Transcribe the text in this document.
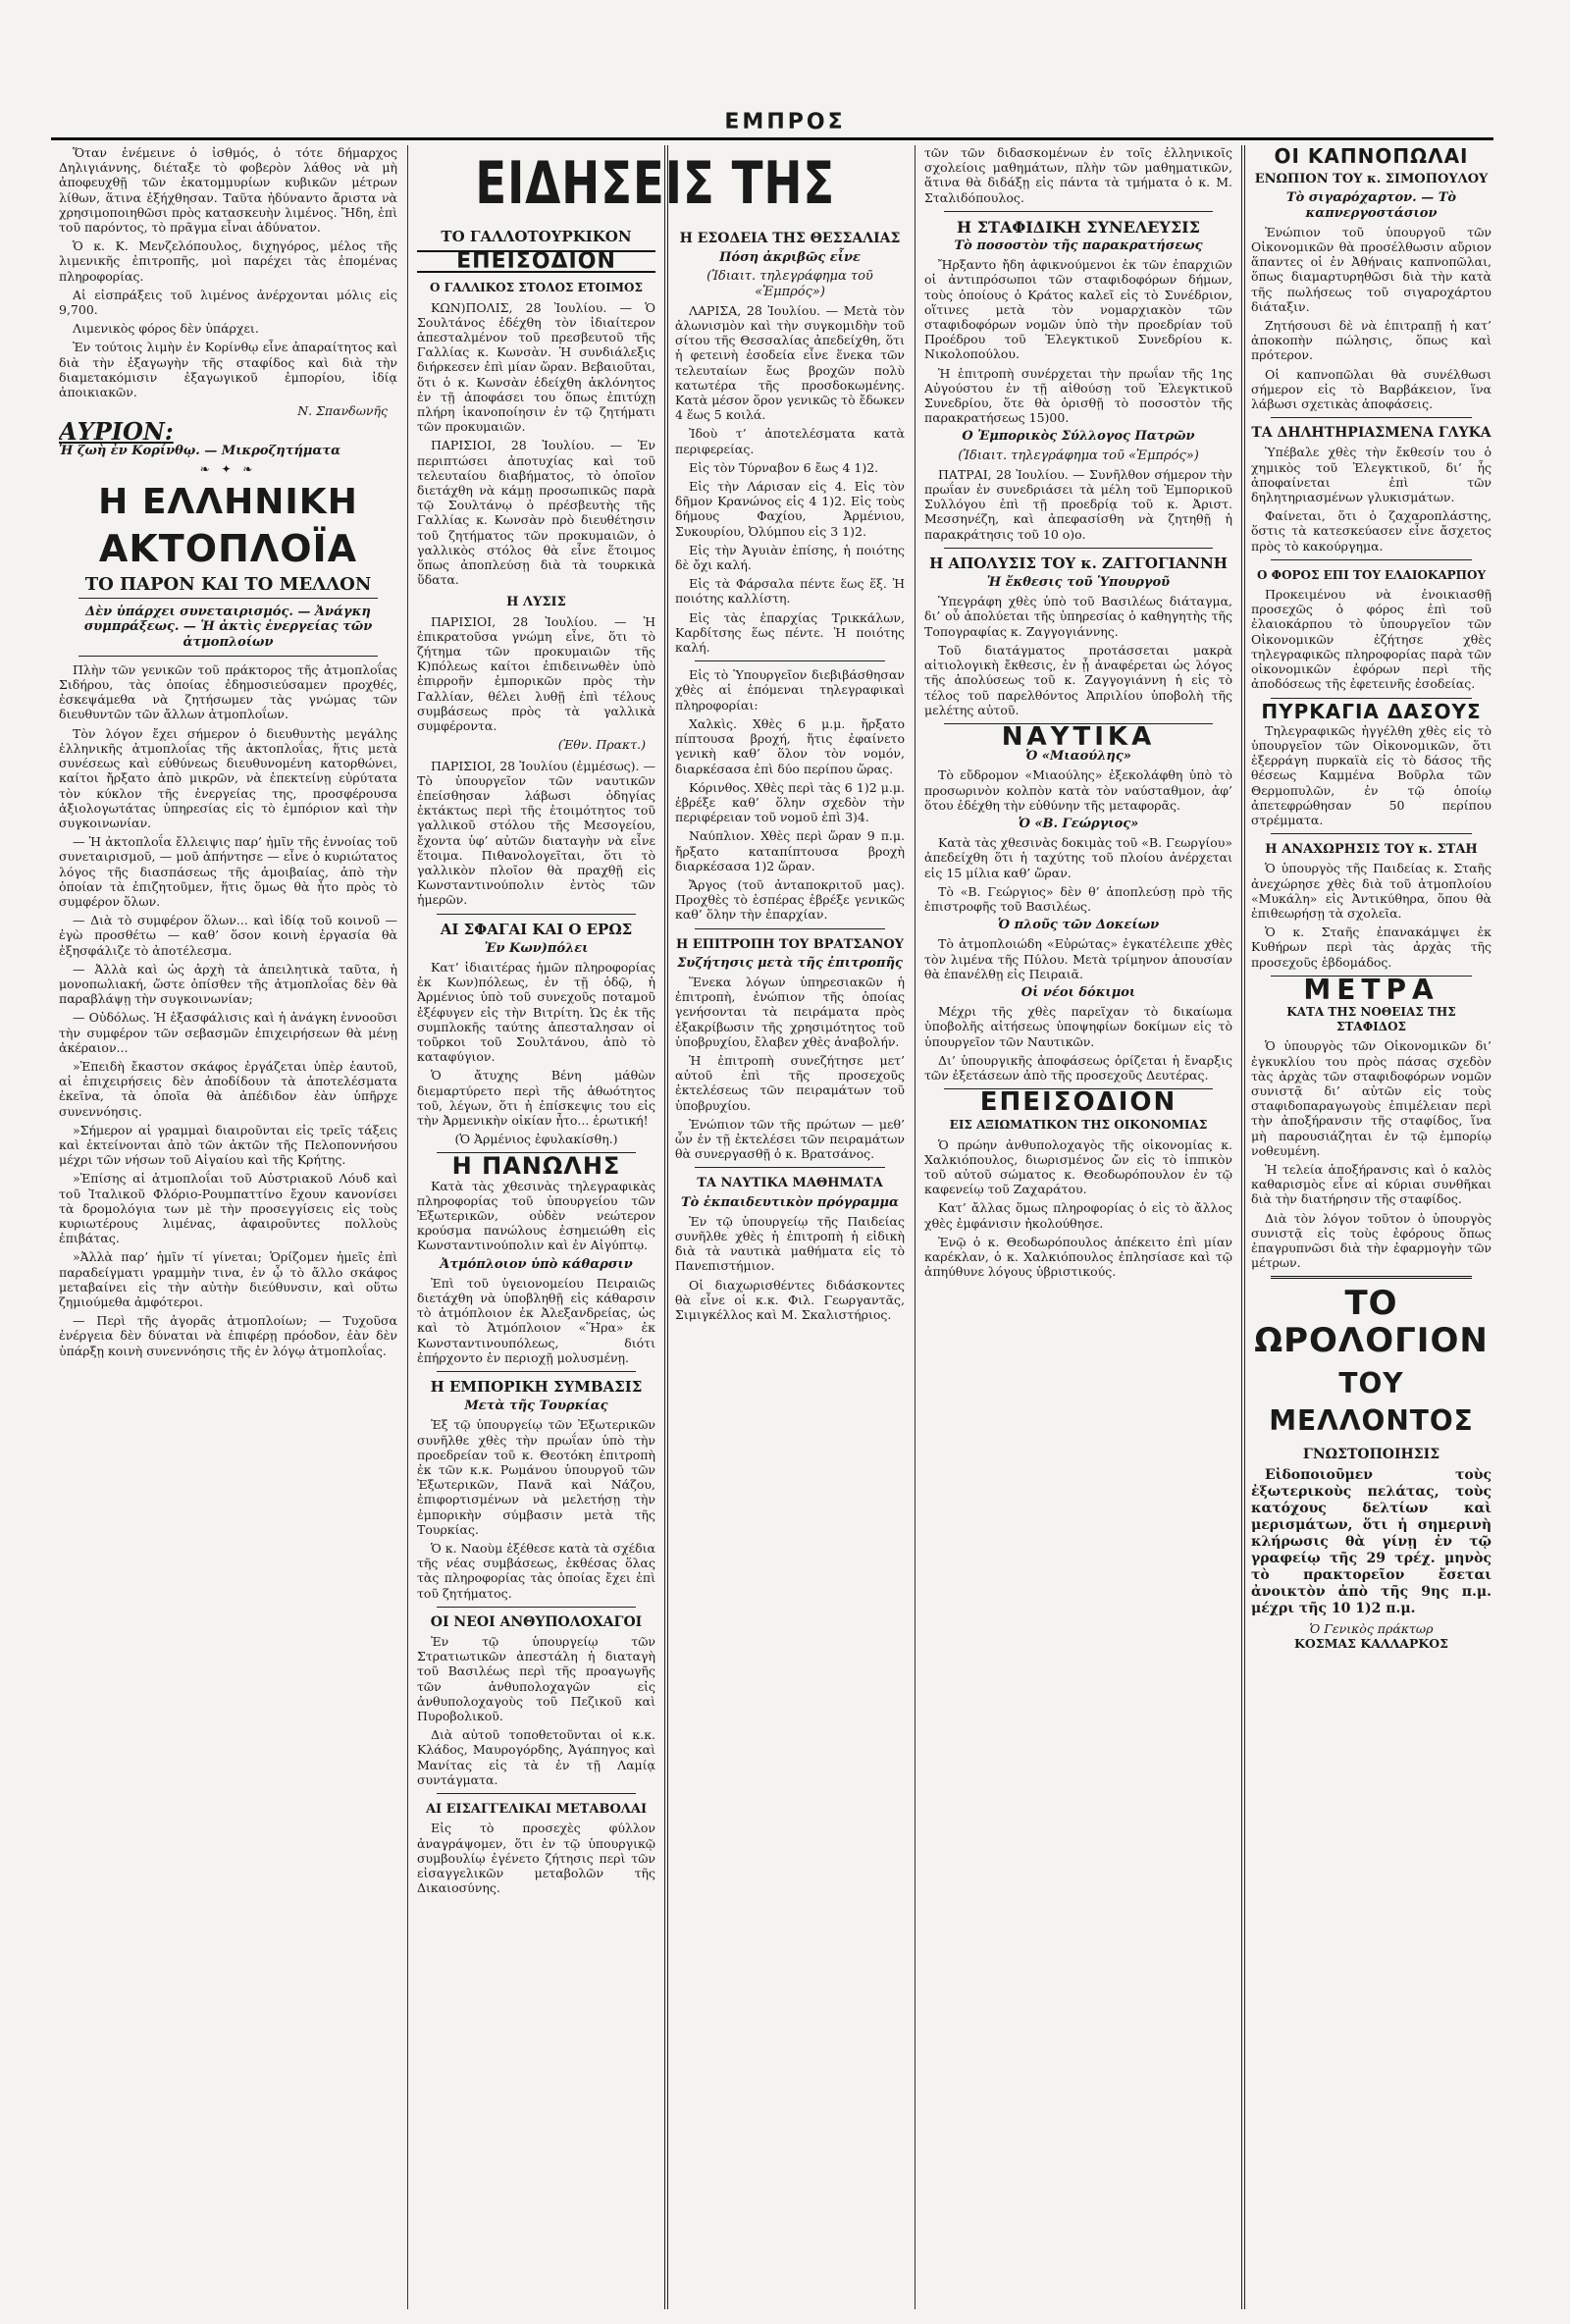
ΕΜΠΡΟΣ

Ὅταν ἐνέμεινε ὁ ἰσθμός, ὁ τότε δήμαρχος Δηλιγιάννης, διέταξε τὸ φοβερὸν λάθος νὰ μὴ ἀποφευχθῇ τῶν ἑκατομμυρίων κυβικῶν μέτρων λίθων, ἅτινα ἐξήχθησαν. Ταῦτα ἠδύναντο ἄριστα νὰ χρησιμοποιηθῶσι πρὸς κατασκευὴν λιμένος. Ἤδη, ἐπὶ τοῦ παρόντος, τὸ πρᾶγμα εἶναι ἀδύνατον.

Ὁ κ. Κ. Μενζελόπουλος, διχηγόρος, μέλος τῆς λιμενικῆς ἐπιτροπῆς, μοὶ παρέχει τὰς ἑπομένας πληροφορίας.

Αἱ εἰσπράξεις τοῦ λιμένος ἀνέρχονται μόλις εἰς 9,700.

Λιμενικὸς φόρος δὲν ὑπάρχει.

Ἐν τούτοις λιμὴν ἐν Κορίνθῳ εἶνε ἀπαραίτητος καὶ διὰ τὴν ἐξαγωγὴν τῆς σταφίδος καὶ διὰ τὴν διαμετακόμισιν ἐξαγωγικοῦ ἐμπορίου, ἰδίᾳ ἀποικιακῶν.

Ν. Σπανδωνῆς
ΑΥΡΙΟΝ:
Ἡ ζωὴ ἐν Κορίνθῳ. — Μικροζητήματα
❧ ✦ ❧
Η ΕΛΛΗΝΙΚΗ
ΑΚΤΟΠΛΟΪΑ
ΤΟ ΠΑΡΟΝ ΚΑΙ ΤΟ ΜΕΛΛΟΝ
Δὲν ὑπάρχει συνεταιρισμός. — Ἀνάγκη συμπράξεως. — Ἡ ἀκτὶς ἐνεργείας τῶν ἀτμοπλοίων

Πλὴν τῶν γενικῶν τοῦ πράκτορος τῆς ἀτμοπλοΐας Σιδήρου, τὰς ὁποίας ἐδημοσιεύσαμεν προχθές, ἐσκεψάμεθα νὰ ζητήσωμεν τὰς γνώμας τῶν διευθυντῶν τῶν ἄλλων ἀτμοπλοΐων.

Τὸν λόγον ἔχει σήμερον ὁ διευθυντὴς μεγάλης ἑλληνικῆς ἀτμοπλοΐας τῆς ἀκτοπλοΐας, ἥτις μετὰ συνέσεως καὶ εὐθύνεως διευθυνομένη κατορθώνει, καίτοι ἤρξατο ἀπὸ μικρῶν, νὰ ἐπεκτείνῃ εὐρύτατα τὸν κύκλον τῆς ἐνεργείας της, προσφέρουσα ἀξιολογωτάτας ὑπηρεσίας εἰς τὸ ἐμπόριον καὶ τὴν συγκοινωνίαν.

— Ἡ ἀκτοπλοΐα ἔλλειψις παρ’ ἡμῖν τῆς ἐννοίας τοῦ συνεταιρισμοῦ, — μοῦ ἀπήντησε — εἶνε ὁ κυριώτατος λόγος τῆς διασπάσεως τῆς ἀμοιβαίας, ἀπὸ τὴν ὁποίαν τὰ ἐπιζητοῦμεν, ἥτις ὅμως θὰ ἦτο πρὸς τὸ συμφέρον ὅλων.

— Διὰ τὸ συμφέρον ὅλων... καὶ ἰδίᾳ τοῦ κοινοῦ — ἐγὼ προσθέτω — καθ’ ὅσον κοινὴ ἐργασία θὰ ἐξησφάλιζε τὸ ἀποτέλεσμα.

— Ἀλλὰ καὶ ὡς ἀρχὴ τὰ ἀπειλητικὰ ταῦτα, ἡ μονοπωλιακή, ὥστε ὀπίσθεν τῆς ἀτμοπλοΐας δὲν θὰ παραβλάψῃ τὴν συγκοινωνίαν;

— Οὐδόλως. Ἡ ἐξασφάλισις καὶ ἡ ἀνάγκη ἐννοοῦσι τὴν συμφέρον τῶν σεβασμῶν ἐπιχειρήσεων θὰ μένῃ ἀκέραιον...

»Ἐπειδὴ ἔκαστον σκάφος ἐργάζεται ὑπὲρ ἑαυτοῦ, αἱ ἐπιχειρήσεις δὲν ἀποδίδουν τὰ ἀποτελέσματα ἐκεῖνα, τὰ ὁποῖα θὰ ἀπέδιδον ἐὰν ὑπῆρχε συνεννόησις.

»Σήμερον αἱ γραμμαὶ διαιροῦνται εἰς τρεῖς τάξεις καὶ ἐκτείνονται ἀπὸ τῶν ἀκτῶν τῆς Πελοποννήσου μέχρι τῶν νήσων τοῦ Αἰγαίου καὶ τῆς Κρήτης.

»Ἐπίσης αἱ ἀτμοπλοΐαι τοῦ Αὐστριακοῦ Λόυδ καὶ τοῦ Ἰταλικοῦ Φλόριο-Ρουμπαττίνο ἔχουν κανονίσει τὰ δρομολόγια των μὲ τὴν προσεγγίσεις εἰς τοὺς κυριωτέρους λιμένας, ἀφαιροῦντες πολλοὺς ἐπιβάτας.

»Ἀλλὰ παρ’ ἡμῖν τί γίνεται; Ὁρίζομεν ἡμεῖς ἐπὶ παραδείγματι γραμμὴν τινα, ἐν ᾧ τὸ ἄλλο σκάφος μεταβαίνει εἰς τὴν αὐτὴν διεύθυνσιν, καὶ οὕτω ζημιούμεθα ἀμφότεροι.

— Περὶ τῆς ἀγορᾶς ἀτμοπλοίων; — Τυχοῦσα ἐνέργεια δὲν δύναται νὰ ἐπιφέρῃ πρόοδον, ἐὰν δὲν ὑπάρξῃ κοινὴ συνεννόησις τῆς ἐν λόγῳ ἀτμοπλοΐας.

ΕΙΔΗΣΕΙΣ ΤΗΣ
ΤΟ ΓΑΛΛΟΤΟΥΡΚΙΚΟΝ
ΕΠΕΙΣΟΔΙΟΝ
Ο ΓΑΛΛΙΚΟΣ ΣΤΟΛΟΣ ΕΤΟΙΜΟΣ

ΚΩΝ)ΠΟΛΙΣ, 28 Ἰουλίου. — Ὁ Σουλτάνος ἐδέχθη τὸν ἰδιαίτερον ἀπεσταλμένον τοῦ πρεσβευτοῦ τῆς Γαλλίας κ. Κωνσὰν. Ἡ συνδιάλεξις διήρκεσεν ἐπὶ μίαν ὥραν. Βεβαιοῦται, ὅτι ὁ κ. Κωνσὰν ἐδείχθη ἀκλόνητος ἐν τῇ ἀποφάσει του ὅπως ἐπιτύχῃ πλήρη ἱκανοποίησιν ἐν τῷ ζητήματι τῶν προκυμαιῶν.

ΠΑΡΙΣΙΟΙ, 28 Ἰουλίου. — Ἐν περιπτώσει ἀποτυχίας καὶ τοῦ τελευταίου διαβήματος, τὸ ὁποῖον διετάχθη νὰ κάμῃ προσωπικῶς παρὰ τῷ Σουλτάνῳ ὁ πρέσβευτὴς τῆς Γαλλίας κ. Κωνσὰν πρὸ διευθέτησιν τοῦ ζητήματος τῶν προκυμαιῶν, ὁ γαλλικὸς στόλος θὰ εἶνε ἕτοιμος ὅπως ἀποπλεύσῃ διὰ τὰ τουρκικὰ ὕδατα.

Η ΛΥΣΙΣ

ΠΑΡΙΣΙΟΙ, 28 Ἰουλίου. — Ἡ ἐπικρατοῦσα γνώμη εἶνε, ὅτι τὸ ζήτημα τῶν προκυμαιῶν τῆς Κ)πόλεως καίτοι ἐπιδεινωθὲν ὑπὸ ἐπιρροῆν ἐμπορικῶν πρὸς τὴν Γαλλίαν, θέλει λυθῇ ἐπὶ τέλους συμβάσεως πρὸς τὰ γαλλικὰ συμφέροντα.

(Ἐθν. Πρακτ.)

ΠΑΡΙΣΙΟΙ, 28 Ἰουλίου (ἐμμέσως). — Τὸ ὑπουργεῖον τῶν ναυτικῶν ἐπείσθησαν λάβωσι ὁδηγίας ἐκτάκτως περὶ τῆς ἑτοιμότητος τοῦ γαλλικοῦ στόλου τῆς Μεσογείου, ἔχοντα ὑφ’ αὐτῶν διαταγὴν νὰ εἶνε ἕτοιμα. Πιθανολογεῖται, ὅτι τὸ γαλλικὸν πλοῖον θὰ πραχθῇ εἰς Κωνσταντινούπολιν ἐντὸς τῶν ἡμερῶν.

ΑΙ ΣΦΑΓΑΙ ΚΑΙ Ο ΕΡΩΣ
Ἐν Κων)πόλει

Κατ’ ἰδιαιτέρας ἡμῶν πληροφορίας ἐκ Κων)πόλεως, ἐν τῇ ὁδῷ, ἡ Ἀρμένιος ὑπὸ τοῦ συνεχοῦς ποταμοῦ ἐξέφυγεν εἰς τὴν Βιτρίτη. Ὡς ἐκ τῆς συμπλοκῆς ταύτης ἀπεσταλησαν οἱ τοῦρκοι τοῦ Σουλτάνου, ἀπὸ τὸ καταφύγιον.

Ὁ ἄτυχης Βένη μάθὼν διεμαρτύρετο περὶ τῆς ἀθωότητος τοῦ, λέγων, ὅτι ἡ ἐπίσκεψις του εἰς τὴν Ἀρμενικὴν οἰκίαν ἦτο... ἐρωτική!

(Ὁ Ἀρμένιος ἐφυλακίσθη.)
Η ΠΑΝΩΛΗΣ

Κατὰ τὰς χθεσινὰς τηλεγραφικὰς πληροφορίας τοῦ ὑπουργείου τῶν Ἐξωτερικῶν, οὐδὲν νεώτερον κρούσμα πανώλους ἐσημειώθη εἰς Κωνσταντινούπολιν καὶ ἐν Αἰγύπτῳ.

Ἀτμόπλοιον ὑπὸ κάθαρσιν

Ἐπὶ τοῦ ὑγειονομείου Πειραιῶς διετάχθη νὰ ὑποβληθῇ εἰς κάθαρσιν τὸ ἀτμόπλοιον ἐκ Ἀλεξανδρείας, ὡς καὶ τὸ Ἀτμόπλοιον «Ἥρα» ἐκ Κωνσταντινουπόλεως, διότι ἐπήρχοντο ἐν περιοχῇ μολυσμένῃ.

Η ΕΜΠΟΡΙΚΗ ΣΥΜΒΑΣΙΣ
Μετὰ τῆς Τουρκίας

Ἐξ τῷ ὑπουργείῳ τῶν Ἐξωτερικῶν συνῆλθε χθὲς τὴν πρωΐαν ὑπὸ τὴν προεδρείαν τοῦ κ. Θεοτόκη ἐπιτροπὴ ἐκ τῶν κ.κ. Ρωμάνου ὑπουργοῦ τῶν Ἐξωτερικῶν, Πανᾶ καὶ Νάζου, ἐπιφορτισμένων νὰ μελετήσῃ τὴν ἐμπορικὴν σύμβασιν μετὰ τῆς Τουρκίας.

Ὁ κ. Ναοὺμ ἐξέθεσε κατὰ τὰ σχέδια τῆς νέας συμβάσεως, ἐκθέσας ὅλας τὰς πληροφορίας τὰς ὁποίας ἔχει ἐπὶ τοῦ ζητήματος.

ΟΙ ΝΕΟΙ ΑΝΘΥΠΟΛΟΧΑΓΟΙ

Ἐν τῷ ὑπουργείῳ τῶν Στρατιωτικῶν ἀπεστάλη ἡ διαταγὴ τοῦ Βασιλέως περὶ τῆς προαγωγῆς τῶν ἀνθυπολοχαγῶν εἰς ἀνθυπολοχαγοὺς τοῦ Πεζικοῦ καὶ Πυροβολικοῦ.

Διὰ αὐτοῦ τοποθετοῦνται οἱ κ.κ. Κλάδος, Μαυρογόρδης, Ἀγάπηγος καὶ Μανίτας εἰς τὰ ἐν τῇ Λαμίᾳ συντάγματα.

ΑΙ ΕΙΣΑΓΓΕΛΙΚΑΙ ΜΕΤΑΒΟΛΑΙ

Εἰς τὸ προσεχὲς φύλλον ἀναγράψομεν, ὅτι ἐν τῷ ὑπουργικῷ συμβουλίῳ ἐγένετο ζήτησις περὶ τῶν εἰσαγγελικῶν μεταβολῶν τῆς Δικαιοσύνης.

Η ΕΣΟΔΕΙΑ ΤΗΣ ΘΕΣΣΑΛΙΑΣ
Πόση ἀκριβῶς εἶνε
(Ἰδιαιτ. τηλεγράφημα τοῦ «Ἐμπρός»)

ΛΑΡΙΣΑ, 28 Ἰουλίου. — Μετὰ τὸν ἀλωνισμὸν καὶ τὴν συγκομιδὴν τοῦ σίτου τῆς Θεσσαλίας ἀπεδείχθη, ὅτι ἡ φετεινὴ ἐσοδεία εἶνε ἕνεκα τῶν τελευταίων ἔως βροχῶν πολὺ κατωτέρα τῆς προσδοκωμένης. Κατὰ μέσον ὅρον γενικῶς τὸ ἔδωκεν 4 ἕως 5 κοιλά.

Ἰδοὺ τ’ ἀποτελέσματα κατὰ περιφερείας.

Εἰς τὸν Τύρναβον 6 ἔως 4 1)2.

Εἰς τὴν Λάρισαν εἰς 4. Εἰς τὸν δῆμον Κρανώνος εἰς 4 1)2. Εἰς τοὺς δήμους Φαχίου, Ἀρμένιου, Συκουρίου, Ὀλύμπου εἰς 3 1)2.

Εἰς τὴν Ἀγυιὰν ἐπίσης, ἡ ποιότης δὲ ὄχι καλή.

Εἰς τὰ Φάρσαλα πέντε ἕως ἕξ. Ἡ ποιότης καλλίστη.

Εἰς τὰς ἐπαρχίας Τρικκάλων, Καρδίτσης ἕως πέντε. Ἡ ποιότης καλή.

Εἰς τὸ Ὑπουργεῖον διεβιβάσθησαν χθὲς αἱ ἑπόμεναι τηλεγραφικαὶ πληροφορίαι:

Χαλκὶς. Χθὲς 6 μ.μ. ἤρξατο πίπτουσα βροχή, ἥτις ἐφαίνετο γενικὴ καθ’ ὅλον τὸν νομόν, διαρκέσασα ἐπὶ δύο περίπου ὥρας.

Κόρινθος. Χθὲς περὶ τὰς 6 1)2 μ.μ. ἐβρέξε καθ’ ὅλην σχεδὸν τὴν περιφέρειαν τοῦ νομοῦ ἐπὶ 3)4.

Ναύπλιον. Χθὲς περὶ ὥραν 9 π.μ. ἤρξατο καταπίπτουσα βροχὴ διαρκέσασα 1)2 ὥραν.

Ἄργος (τοῦ ἀνταποκριτοῦ μας). Προχθὲς τὸ ἑσπέρας ἐβρέξε γενικῶς καθ’ ὅλην τὴν ἐπαρχίαν.

Η ΕΠΙΤΡΟΠΗ ΤΟΥ ΒΡΑΤΣΑΝΟΥ
Συζήτησις μετὰ τῆς ἐπιτροπῆς

Ἕνεκα λόγων ὑπηρεσιακῶν ἡ ἐπιτροπὴ, ἐνώπιον τῆς ὁποίας γενήσονται τὰ πειράματα πρὸς ἐξακρίβωσιν τῆς χρησιμότητος τοῦ ὑποβρυχίου, ἔλαβεν χθὲς ἀναβολήν.

Ἡ ἐπιτροπὴ συνεζήτησε μετ’ αὐτοῦ ἐπὶ τῆς προσεχοῦς ἐκτελέσεως τῶν πειραμάτων τοῦ ὑποβρυχίου.

Ἐνώπιον τῶν τῆς πρώτων — μεθ’ ὧν ἐν τῇ ἐκτελέσει τῶν πειραμάτων θὰ συνεργασθῇ ὁ κ. Βρατσάνος.

ΤΑ ΝΑΥΤΙΚΑ ΜΑΘΗΜΑΤΑ
Τὸ ἐκπαιδευτικὸν πρόγραμμα

Ἐν τῷ ὑπουργείῳ τῆς Παιδείας συνῆλθε χθὲς ἡ ἐπιτροπὴ ἡ εἰδικὴ διὰ τὰ ναυτικὰ μαθήματα εἰς τὸ Πανεπιστήμιον.

Οἱ διαχωρισθέντες διδάσκοντες θὰ εἶνε οἱ κ.κ. Φιλ. Γεωργαντᾶς, Σιμιγκέλλος καὶ Μ. Σκαλιστήριος.

τῶν τῶν διδασκομένων ἐν τοῖς ἑλληνικοῖς σχολείοις μαθημάτων, πλὴν τῶν μαθηματικῶν, ἅτινα θὰ διδάξῃ εἰς πάντα τὰ τμήματα ὁ κ. Μ. Σταλιδόπουλος.

Η ΣΤΑΦΙΔΙΚΗ ΣΥΝΕΛΕΥΣΙΣ
Τὸ ποσοστὸν τῆς παρακρατήσεως

Ἤρξαντο ἤδη ἀφικνούμενοι ἐκ τῶν ἐπαρχιῶν οἱ ἀντιπρόσωποι τῶν σταφιδοφόρων δήμων, τοὺς ὁποίους ὁ Κράτος καλεῖ εἰς τὸ Συνέδριον, οἵτινες μετὰ τὸν νομαρχιακὸν τῶν σταφιδοφόρων νομῶν ὑπὸ τὴν προεδρίαν τοῦ Προέδρου τοῦ Ἐλεγκτικοῦ Συνεδρίου κ. Νικολοπούλου.

Ἡ ἐπιτροπὴ συνέρχεται τὴν πρωΐαν τῆς 1ης Αὐγούστου ἐν τῇ αἰθούσῃ τοῦ Ἐλεγκτικοῦ Συνεδρίου, ὅτε θὰ ὁρισθῇ τὸ ποσοστὸν τῆς παρακρατήσεως 15)00.

Ο Ἐμπορικὸς Σύλλογος Πατρῶν
(Ἰδιαιτ. τηλεγράφημα τοῦ «Ἐμπρός»)

ΠΑΤΡΑΙ, 28 Ἰουλίου. — Συνῆλθον σήμερον τὴν πρωΐαν ἐν συνεδριάσει τὰ μέλη τοῦ Ἐμπορικοῦ Συλλόγου ἐπὶ τῇ προεδρίᾳ τοῦ κ. Ἀριστ. Μεσσηνέζη, καὶ ἀπεφασίσθη νὰ ζητηθῇ ἡ παρακράτησις τοῦ 10 ο)ο.

Η ΑΠΟΛΥΣΙΣ ΤΟΥ κ. ΖΑΓΓΟΓΙΑΝΝΗ
Ἡ ἔκθεσις τοῦ Ὑπουργοῦ

Ὑπεγράφη χθὲς ὑπὸ τοῦ Βασιλέως διάταγμα, δι’ οὗ ἀπολύεται τῆς ὑπηρεσίας ὁ καθηγητὴς τῆς Τοπογραφίας κ. Ζαγγογιάννης.

Τοῦ διατάγματος προτάσσεται μακρὰ αἰτιολογικὴ ἔκθεσις, ἐν ᾗ ἀναφέρεται ὡς λόγος τῆς ἀπολύσεως τοῦ κ. Ζαγγογιάννη ἡ εἰς τὸ τέλος τοῦ παρελθόντος Ἀπριλίου ὑποβολὴ τῆς μελέτης αὐτοῦ.

ΝΑΥΤΙΚΑ
Ὁ «Μιαούλης»

Τὸ εὔδρομον «Μιαούλης» ἐξεκολάφθη ὑπὸ τὸ προσωρινὸν κολπὸν κατὰ τὸν ναύσταθμον, ἀφ’ ὅτου ἐδέχθη τὴν εὐθύνην τῆς μεταφορᾶς.

Ὁ «Β. Γεώργιος»

Κατὰ τὰς χθεσινὰς δοκιμὰς τοῦ «Β. Γεωργίου» ἀπεδείχθη ὅτι ἡ ταχύτης τοῦ πλοίου ἀνέρχεται εἰς 15 μίλια καθ’ ὥραν.

Τὸ «Β. Γεώργιος» δὲν θ’ ἀποπλεύσῃ πρὸ τῆς ἐπιστροφῆς τοῦ Βασιλέως.

Ὁ πλοῦς τῶν Δοκείων

Τὸ ἀτμοπλοιώδη «Εὐρώτας» ἐγκατέλειπε χθὲς τὸν λιμένα τῆς Πύλου. Μετὰ τρίμηνον ἀπουσίαν θὰ ἐπανέλθῃ εἰς Πειραιᾶ.

Οἱ νέοι δόκιμοι

Μέχρι τῆς χθὲς παρεῖχαν τὸ δικαίωμα ὑποβολῆς αἰτήσεως ὑποψηφίων δοκίμων εἰς τὸ ὑπουργεῖον τῶν Ναυτικῶν.

Δι’ ὑπουργικῆς ἀποφάσεως ὁρίζεται ἡ ἔναρξις τῶν ἐξετάσεων ἀπὸ τῆς προσεχοῦς Δευτέρας.

ΕΠΕΙΣΟΔΙΟΝ
ΕΙΣ ΑΞΙΩΜΑΤΙΚΟΝ ΤΗΣ ΟΙΚΟΝΟΜΙΑΣ

Ὁ πρώην ἀνθυπολοχαγὸς τῆς οἰκονομίας κ. Χαλκιόπουλος, διωρισμένος ὤν εἰς τὸ ἱππικὸν τοῦ αὐτοῦ σώματος κ. Θεοδωρόπουλον ἐν τῷ καφενείῳ τοῦ Ζαχαράτου.

Κατ’ ἄλλας ὅμως πληροφορίας ὁ εἰς τὸ ἄλλος χθὲς ἐμφάνισιν ἠκολούθησε.

Ἐνῷ ὁ κ. Θεοδωρόπουλος ἀπέκειτο ἐπὶ μίαν καρέκλαν, ὁ κ. Χαλκιόπουλος ἐπλησίασε καὶ τῷ ἀπηύθυνε λόγους ὑβριστικούς.

ΟΙ ΚΑΠΝΟΠΩΛΑΙ
ΕΝΩΠΙΟΝ ΤΟΥ κ. ΣΙΜΟΠΟΥΛΟΥ
Τὸ σιγαρόχαρτον. — Τὸ καπνεργοστάσιον

Ἐνώπιον τοῦ ὑπουργοῦ τῶν Οἰκονομικῶν θὰ προσέλθωσιν αὔριον ἅπαντες οἱ ἐν Ἀθήναις καπνοπῶλαι, ὅπως διαμαρτυρηθῶσι διὰ τὴν κατὰ τῆς πωλήσεως τοῦ σιγαροχάρτου διάταξιν.

Ζητήσουσι δὲ νὰ ἐπιτραπῇ ἡ κατ’ ἀποκοπὴν πώλησις, ὅπως καὶ πρότερον.

Οἱ καπνοπῶλαι θὰ συνέλθωσι σήμερον εἰς τὸ Βαρβάκειον, ἵνα λάβωσι σχετικὰς ἀποφάσεις.

ΤΑ ΔΗΛΗΤΗΡΙΑΣΜΕΝΑ ΓΛΥΚΑ

Ὑπέβαλε χθὲς τὴν ἔκθεσίν του ὁ χημικὸς τοῦ Ἐλεγκτικοῦ, δι’ ἧς ἀποφαίνεται ἐπὶ τῶν δηλητηριασμένων γλυκισμάτων.

Φαίνεται, ὅτι ὁ ζαχαροπλάστης, ὅστις τὰ κατεσκεύασεν εἶνε ἄσχετος πρὸς τὸ κακούργημα.

Ο ΦΟΡΟΣ ΕΠΙ ΤΟΥ ΕΛΑΙΟΚΑΡΠΟΥ

Προκειμένου νὰ ἐνοικιασθῇ προσεχῶς ὁ φόρος ἐπὶ τοῦ ἐλαιοκάρπου τὸ ὑπουργεῖον τῶν Οἰκονομικῶν ἐζήτησε χθὲς τηλεγραφικῶς πληροφορίας παρὰ τῶν οἰκονομικῶν ἐφόρων περὶ τῆς ἀποδόσεως τῆς ἐφετεινῆς ἐσοδείας.

ΠΥΡΚΑΓΙΑ ΔΑΣΟΥΣ

Τηλεγραφικῶς ἠγγέλθη χθὲς εἰς τὸ ὑπουργεῖον τῶν Οἰκονομικῶν, ὅτι ἐξερράγη πυρκαϊὰ εἰς τὸ δάσος τῆς θέσεως Καμμένα Βοῦρλα τῶν Θερμοπυλῶν, ἐν τῷ ὁποίῳ ἀπετεφρώθησαν 50 περίπου στρέμματα.

Η ΑΝΑΧΩΡΗΣΙΣ ΤΟΥ κ. ΣΤΑΗ

Ὁ ὑπουργὸς τῆς Παιδείας κ. Σταῆς ἀνεχώρησε χθὲς διὰ τοῦ ἀτμοπλοίου «Μυκάλη» εἰς Ἀντικύθηρα, ὅπου θὰ ἐπιθεωρήσῃ τὰ σχολεῖα.

Ὁ κ. Σταῆς ἐπανακάμψει ἐκ Κυθήρων περὶ τὰς ἀρχὰς τῆς προσεχοῦς ἑβδομάδος.

ΜΕΤΡΑ
ΚΑΤΑ ΤΗΣ ΝΟΘΕΙΑΣ ΤΗΣ ΣΤΑΦΙΔΟΣ

Ὁ ὑπουργὸς τῶν Οἰκονομικῶν δι’ ἐγκυκλίου του πρὸς πάσας σχεδὸν τὰς ἀρχὰς τῶν σταφιδοφόρων νομῶν συνιστᾷ δι’ αὐτῶν εἰς τοὺς σταφιδοπαραγωγοὺς ἐπιμέλειαν περὶ τὴν ἀποξήρανσιν τῆς σταφίδος, ἵνα μὴ παρουσιάζηται ἐν τῷ ἐμπορίῳ νοθευμένη.

Ἡ τελεία ἀποξήρανσις καὶ ὁ καλὸς καθαρισμὸς εἶνε αἱ κύριαι συνθῆκαι διὰ τὴν διατήρησιν τῆς σταφίδος.

Διὰ τὸν λόγον τοῦτον ὁ ὑπουργὸς συνιστᾷ εἰς τοὺς ἐφόρους ὅπως ἐπαγρυπνῶσι διὰ τὴν ἐφαρμογὴν τῶν μέτρων.

ΤΟ ΩΡΟΛΟΓΙΟΝ
ΤΟΥ ΜΕΛΛΟΝΤΟΣ
ΓΝΩΣΤΟΠΟΙΗΣΙΣ

Εἰδοποιοῦμεν τοὺς ἐξωτερικοὺς πελάτας, τοὺς κατόχους δελτίων καὶ μερισμάτων, ὅτι ἡ σημερινὴ κλήρωσις θὰ γίνῃ ἐν τῷ γραφείῳ τῆς 29 τρέχ. μηνὸς τὸ πρακτορεῖον ἔσεται ἀνοικτὸν ἀπὸ τῆς 9ης π.μ. μέχρι τῆς 10 1)2 π.μ.

Ὁ Γενικὸς πράκτωρ
ΚΟΣΜΑΣ ΚΑΛΛΑΡΚΟΣ
